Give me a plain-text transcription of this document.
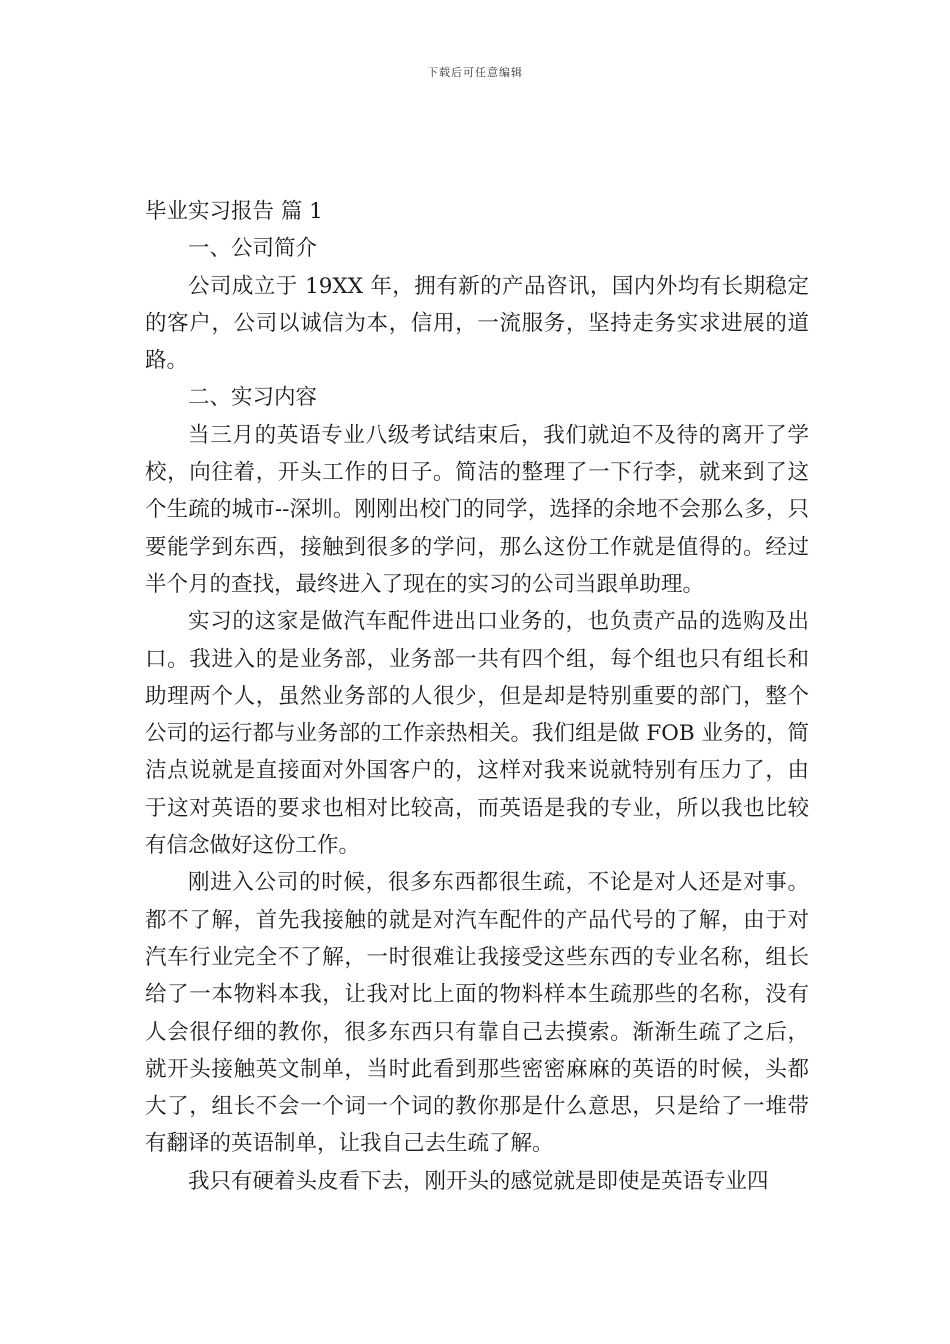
下载后可任意编辑
毕业实习报告 篇 1

一、公司简介

公司成立于 19XX 年，拥有新的产品咨讯，国内外均有长期稳定的客户，公司以诚信为本，信用，一流服务，坚持走务实求进展的道路。

二、实习内容

当三月的英语专业八级考试结束后，我们就迫不及待的离开了学校，向往着，开头工作的日子。简洁的整理了一下行李，就来到了这个生疏的城市--深圳。刚刚出校门的同学，选择的余地不会那么多，只要能学到东西，接触到很多的学问，那么这份工作就是值得的。经过半个月的查找，最终进入了现在的实习的公司当跟单助理。

实习的这家是做汽车配件进出口业务的，也负责产品的选购及出口。我进入的是业务部，业务部一共有四个组，每个组也只有组长和助理两个人，虽然业务部的人很少，但是却是特别重要的部门，整个公司的运行都与业务部的工作亲热相关。我们组是做 FOB 业务的，简洁点说就是直接面对外国客户的，这样对我来说就特别有压力了，由于这对英语的要求也相对比较高，而英语是我的专业，所以我也比较有信念做好这份工作。

刚进入公司的时候，很多东西都很生疏，不论是对人还是对事。都不了解，首先我接触的就是对汽车配件的产品代号的了解，由于对汽车行业完全不了解，一时很难让我接受这些东西的专业名称，组长给了一本物料本我，让我对比上面的物料样本生疏那些的名称，没有人会很仔细的教你，很多东西只有靠自己去摸索。渐渐生疏了之后，就开头接触英文制单，当时此看到那些密密麻麻的英语的时候，头都大了，组长不会一个词一个词的教你那是什么意思，只是给了一堆带有翻译的英语制单，让我自己去生疏了解。

我只有硬着头皮看下去，刚开头的感觉就是即使是英语专业四
